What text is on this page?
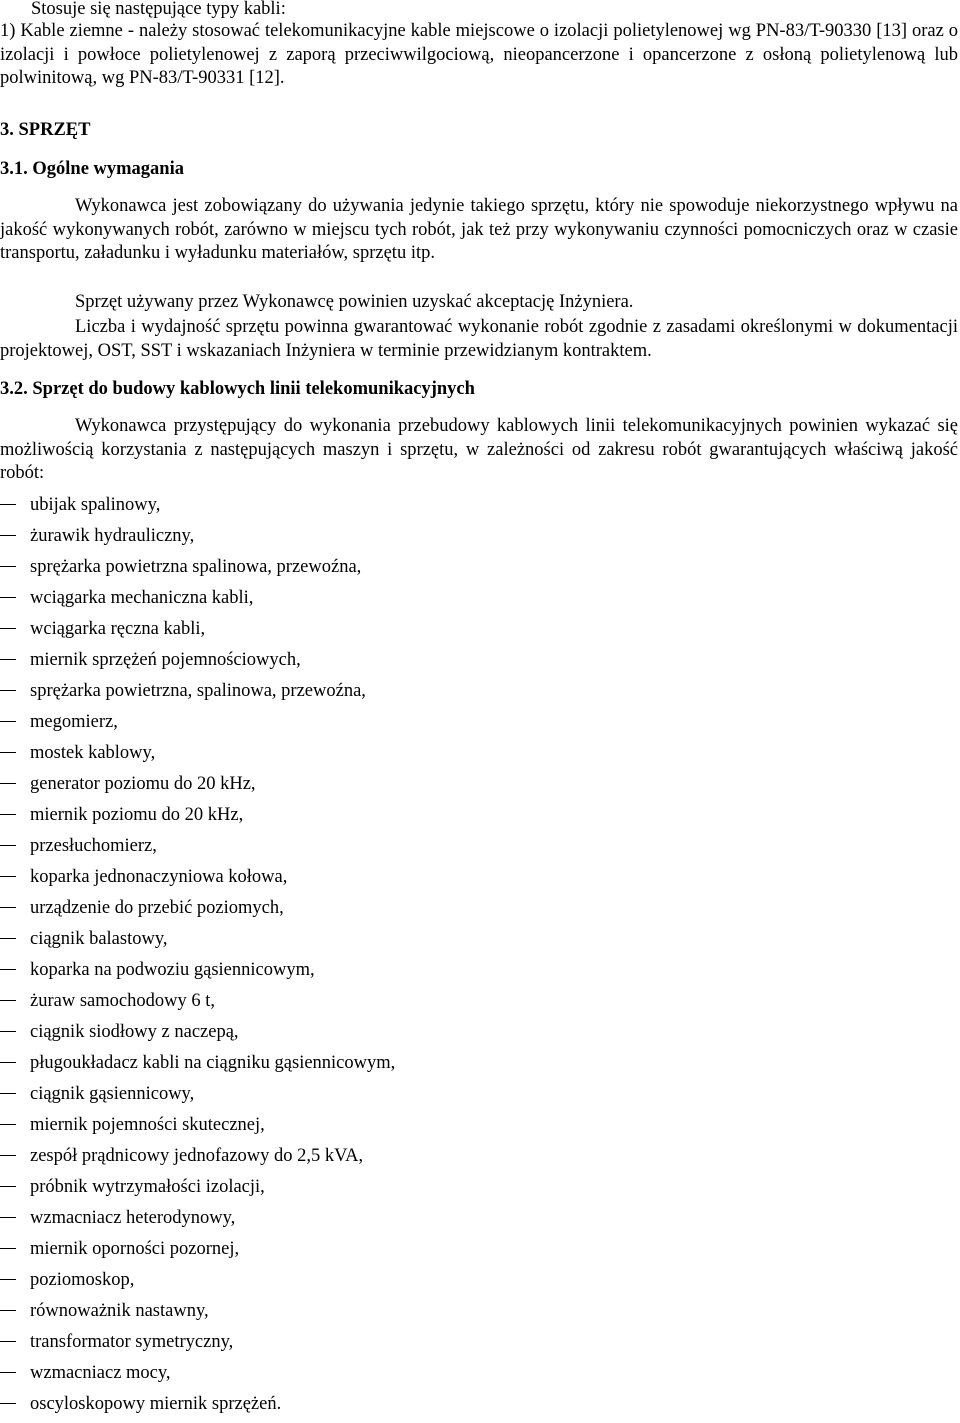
Stosuje się następujące typy kabli:

1) Kable ziemne - należy stosować telekomunikacyjne kable miejscowe o izolacji polietylenowej wg PN-83/T-90330 [13] oraz o izolacji i powłoce polietylenowej z zaporą przeciwwilgociową, nieopancerzone i opancerzone z osłoną polietylenową lub polwinitową, wg PN-83/T-90331 [12].

3. SPRZĘT

3.1. Ogólne wymagania

Wykonawca jest zobowiązany do używania jedynie takiego sprzętu, który nie spowoduje niekorzystnego wpływu na jakość wykonywanych robót, zarówno w miejscu tych robót, jak też przy wykonywaniu czynności pomocniczych oraz w czasie transportu, załadunku i wyładunku materiałów, sprzętu itp.

Sprzęt używany przez Wykonawcę powinien uzyskać akceptację Inżyniera.

Liczba i wydajność sprzętu powinna gwarantować wykonanie robót zgodnie z zasadami określonymi w dokumentacji projektowej, OST, SST i wskazaniach Inżyniera w terminie przewidzianym kontraktem.

3.2. Sprzęt do budowy kablowych linii telekomunikacyjnych

Wykonawca przystępujący do wykonania przebudowy kablowych linii telekomunikacyjnych powinien wykazać się możliwością korzystania z następujących maszyn i sprzętu, w zależności od zakresu robót gwarantujących właściwą jakość robót:

ubijak spalinowy,
żurawik hydrauliczny,
sprężarka powietrzna spalinowa, przewoźna,
wciągarka mechaniczna kabli,
wciągarka ręczna kabli,
miernik sprzężeń pojemnościowych,
sprężarka powietrzna, spalinowa, przewoźna,
megomierz,
mostek kablowy,
generator poziomu do 20 kHz,
miernik poziomu do 20 kHz,
przesłuchomierz,
koparka jednonaczyniowa kołowa,
urządzenie do przebić poziomych,
ciągnik balastowy,
koparka na podwoziu gąsiennicowym,
żuraw samochodowy 6 t,
ciągnik siodłowy z naczepą,
pługoukładacz kabli na ciągniku gąsiennicowym,
ciągnik gąsiennicowy,
miernik pojemności skutecznej,
zespół prądnicowy jednofazowy do 2,5 kVA,
próbnik wytrzymałości izolacji,
wzmacniacz heterodynowy,
miernik oporności pozornej,
poziomoskop,
równoważnik nastawny,
transformator symetryczny,
wzmacniacz mocy,
oscyloskopowy miernik sprzężeń.
